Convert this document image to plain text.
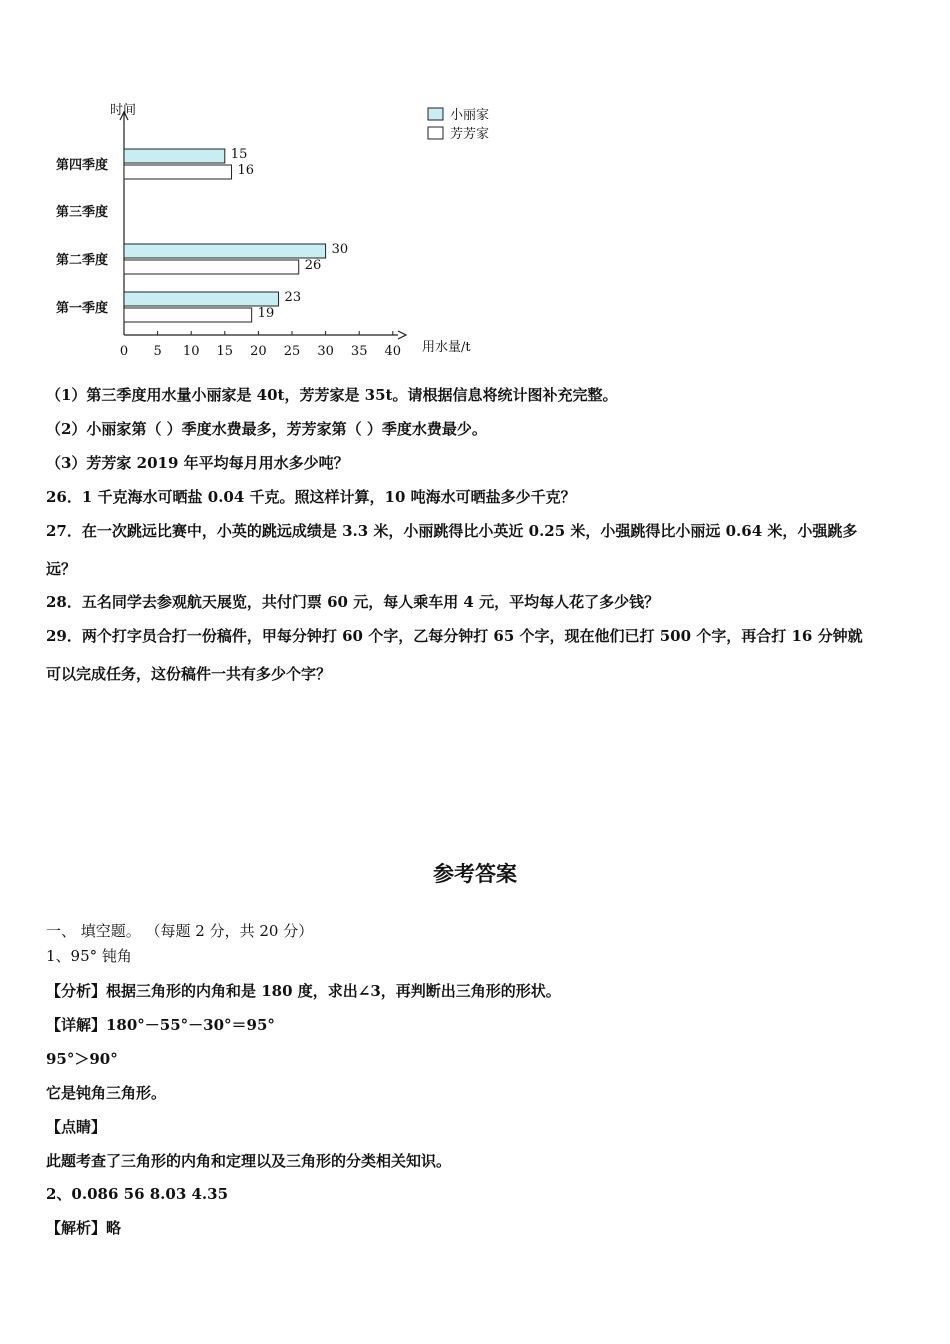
0 5 10 15 20 25 30 35 40
时间
用水量/t
第一季度
23
19
第二季度
30
26
第三季度
第四季度
15
16
小丽家
芳芳家
（1）第三季度用水量小丽家是 40t，芳芳家是 35t。请根据信息将统计图补充完整。
（2）小丽家第（ ）季度水费最多，芳芳家第（ ）季度水费最少。
（3）芳芳家 2019 年平均每月用水多少吨？
26．1 千克海水可晒盐 0.04 千克。照这样计算，10 吨海水可晒盐多少千克？
27．在一次跳远比赛中，小英的跳远成绩是 3.3 米，小丽跳得比小英近 0.25 米，小强跳得比小丽远 0.64 米，小强跳多
远？
28．五名同学去参观航天展览，共付门票 60 元，每人乘车用 4 元，平均每人花了多少钱？
29．两个打字员合打一份稿件，甲每分钟打 60 个字，乙每分钟打 65 个字，现在他们已打 500 个字，再合打 16 分钟就
可以完成任务，这份稿件一共有多少个字？
参考答案
一、 填空题。 （每题 2 分，共 20 分）
1、95° 钝角
【分析】根据三角形的内角和是 180 度，求出∠3，再判断出三角形的形状。
【详解】180°－55°－30°＝95°
95°＞90°
它是钝角三角形。
【点睛】
此题考查了三角形的内角和定理以及三角形的分类相关知识。
2、0.086 56 8.03 4.35
【解析】略
